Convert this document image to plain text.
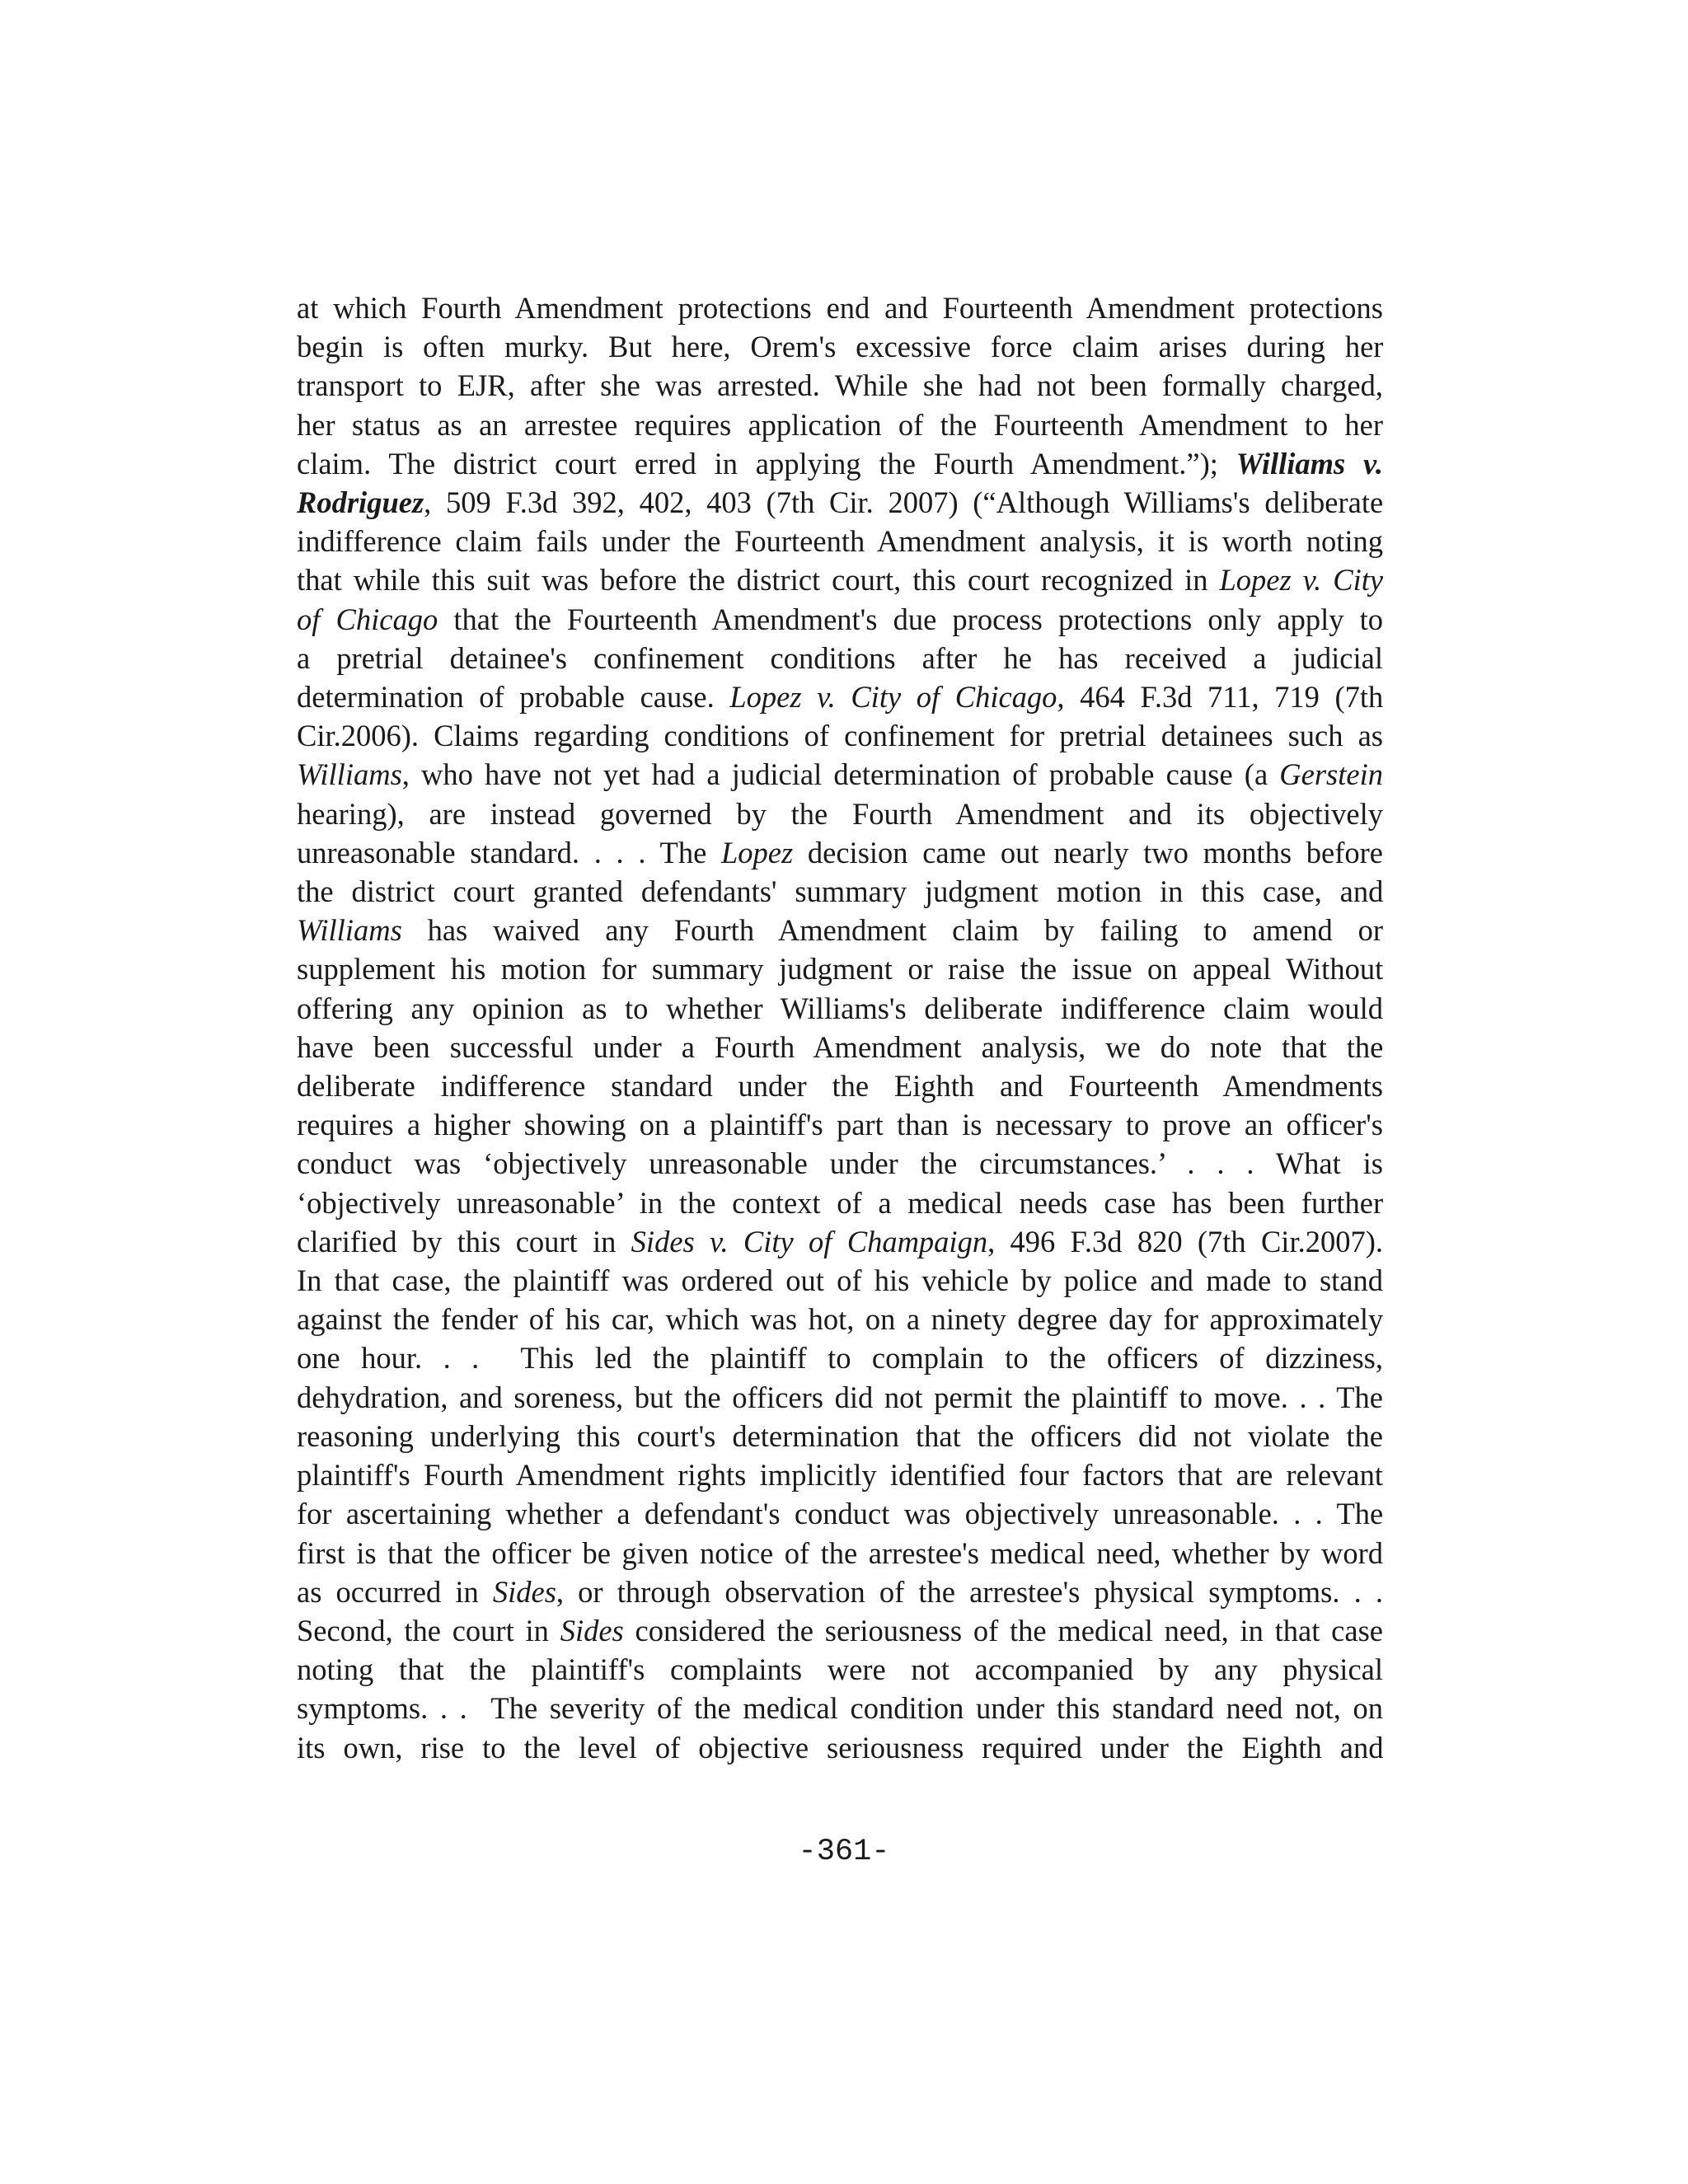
at which Fourth Amendment protections end and Fourteenth Amendment protections
begin is often murky. But here, Orem's excessive force claim arises during her
transport to EJR, after she was arrested. While she had not been formally charged,
her status as an arrestee requires application of the Fourteenth Amendment to her
claim. The district court erred in applying the Fourth Amendment.”); Williams v.
Rodriguez, 509 F.3d 392, 402, 403 (7th Cir. 2007) (“Although Williams's deliberate
indifference claim fails under the Fourteenth Amendment analysis, it is worth noting
that while this suit was before the district court, this court recognized in Lopez v. City
of Chicago that the Fourteenth Amendment's due process protections only apply to
a pretrial detainee's confinement conditions after he has received a judicial
determination of probable cause. Lopez v. City of Chicago, 464 F.3d 711, 719 (7th
Cir.2006). Claims regarding conditions of confinement for pretrial detainees such as
Williams, who have not yet had a judicial determination of probable cause (a Gerstein
hearing), are instead governed by the Fourth Amendment and its objectively
unreasonable standard. . . . The Lopez decision came out nearly two months before
the district court granted defendants' summary judgment motion in this case, and
Williams has waived any Fourth Amendment claim by failing to amend or
supplement his motion for summary judgment or raise the issue on appeal Without
offering any opinion as to whether Williams's deliberate indifference claim would
have been successful under a Fourth Amendment analysis, we do note that the
deliberate indifference standard under the Eighth and Fourteenth Amendments
requires a higher showing on a plaintiff's part than is necessary to prove an officer's
conduct was ‘objectively unreasonable under the circumstances.’ . . . What is
‘objectively unreasonable’ in the context of a medical needs case has been further
clarified by this court in Sides v. City of Champaign, 496 F.3d 820 (7th Cir.2007).
In that case, the plaintiff was ordered out of his vehicle by police and made to stand
against the fender of his car, which was hot, on a ninety degree day for approximately
one hour. . .  This led the plaintiff to complain to the officers of dizziness,
dehydration, and soreness, but the officers did not permit the plaintiff to move. . . The
reasoning underlying this court's determination that the officers did not violate the
plaintiff's Fourth Amendment rights implicitly identified four factors that are relevant
for ascertaining whether a defendant's conduct was objectively unreasonable. . . The
first is that the officer be given notice of the arrestee's medical need, whether by word
as occurred in Sides, or through observation of the arrestee's physical symptoms. . .
Second, the court in Sides considered the seriousness of the medical need, in that case
noting that the plaintiff's complaints were not accompanied by any physical
symptoms. . .  The severity of the medical condition under this standard need not, on
its own, rise to the level of objective seriousness required under the Eighth and
-361-
